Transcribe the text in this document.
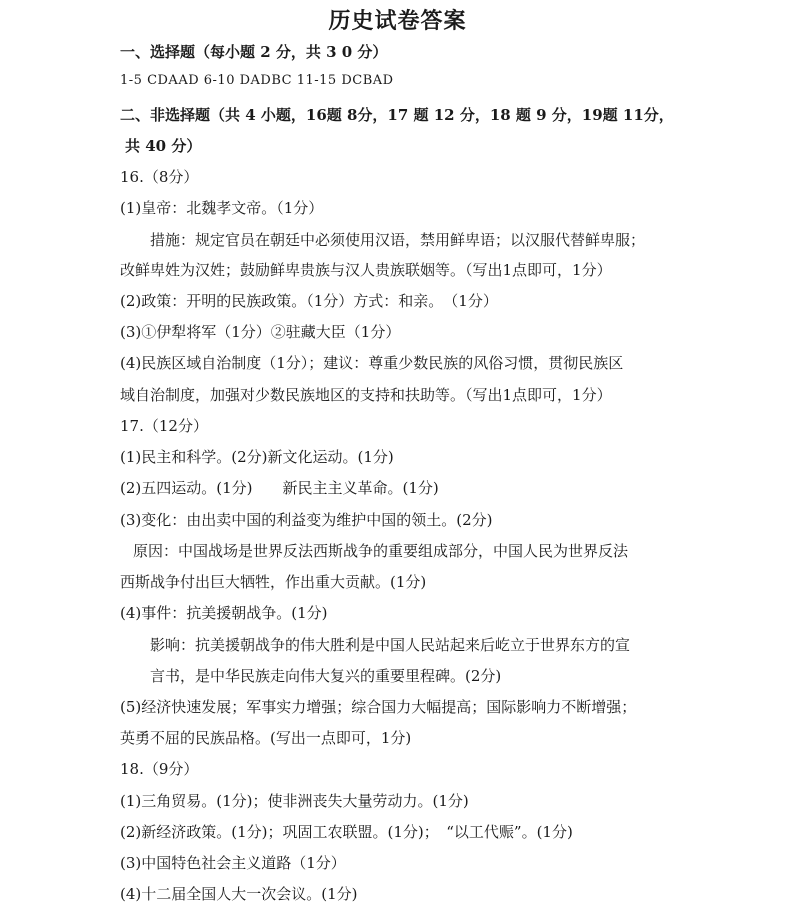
历史试卷答案
一、选择题（每小题 2 分，共 3 0 分）
1-5 CDAAD 6-10 DADBC 11-15 DCBAD
二、非选择题（共 4 小题，16题 8分，17 题 12 分，18 题 9 分，19题 11分，
共 40 分）
16.（8分）
(1)皇帝：北魏孝文帝。（1分）
措施：规定官员在朝廷中必须使用汉语，禁用鲜卑语；以汉服代替鲜卑服；
改鲜卑姓为汉姓；鼓励鲜卑贵族与汉人贵族联姻等。（写出1点即可，1分）
(2)政策：开明的民族政策。（1分）方式：和亲。　（1分）
(3)①伊犁将军（1分）②驻藏大臣（1分）
(4)民族区域自治制度（1分）；建议：尊重少数民族的风俗习惯，贯彻民族区
域自治制度，加强对少数民族地区的支持和扶助等。（写出1点即可，1分）
17.（12分）
(1)民主和科学。(2分)新文化运动。(1分)
(2)五四运动。(1分)　　新民主主义革命。(1分)
(3)变化：由出卖中国的利益变为维护中国的领土。(2分)
原因：中国战场是世界反法西斯战争的重要组成部分，中国人民为世界反法
西斯战争付出巨大牺牲，作出重大贡献。(1分)
(4)事件：抗美援朝战争。(1分)
影响：抗美援朝战争的伟大胜利是中国人民站起来后屹立于世界东方的宣
言书，是中华民族走向伟大复兴的重要里程碑。(2分)
(5)经济快速发展；军事实力增强；综合国力大幅提高；国际影响力不断增强；
英勇不屈的民族品格。(写出一点即可，1分)
18.（9分）
(1)三角贸易。(1分)；使非洲丧失大量劳动力。(1分)
(2)新经济政策。(1分)；巩固工农联盟。(1分)；　“以工代赈”。(1分)
(3)中国特色社会主义道路（1分）
(4)十二届全国人大一次会议。(1分)
